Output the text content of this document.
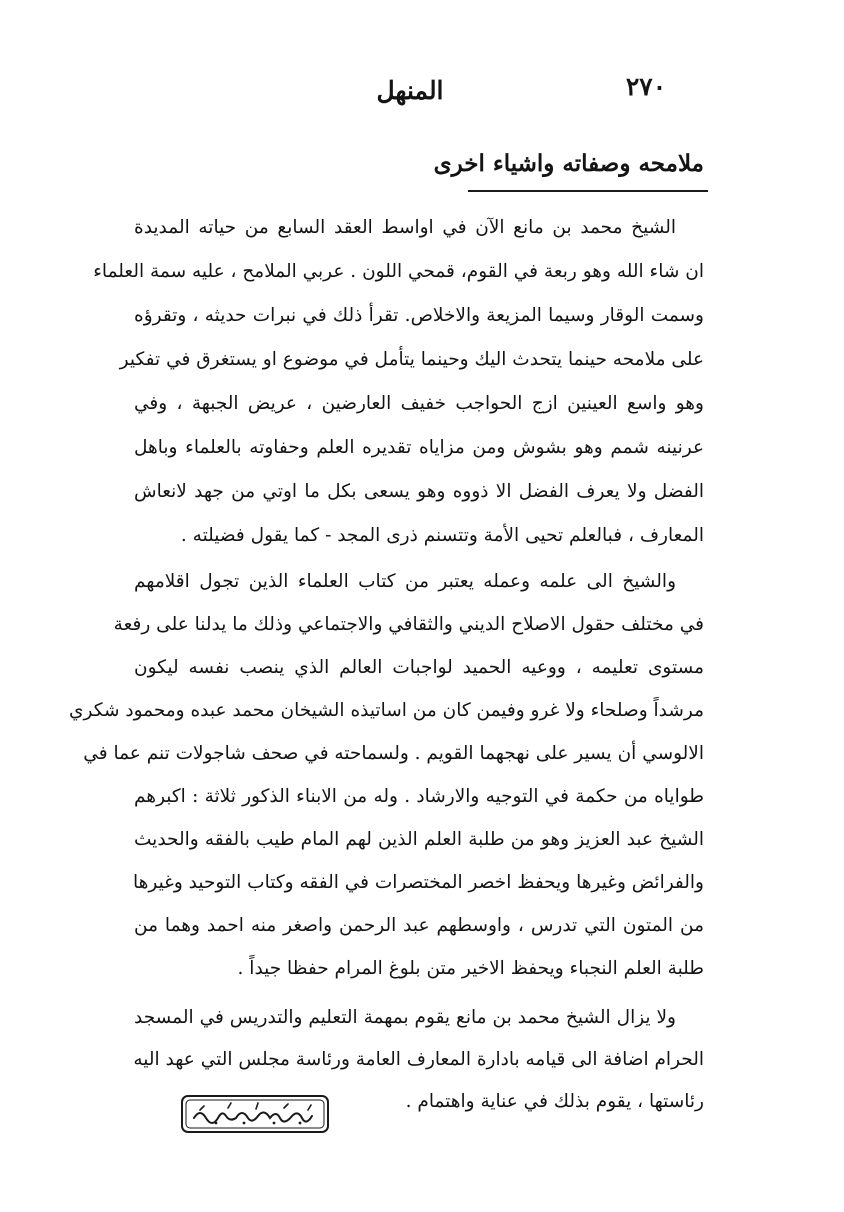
٢٧٠
المنهل
ملامحه وصفاته واشياء اخرى
الشيخ محمد بن مانع الآن في اواسط العقد السابع من حياته المديدة
ان شاء الله وهو ربعة في القوم، قمحي اللون . عربي الملامح ، عليه سمة العلماء
وسمت الوقار وسيما المزيعة والاخلاص. تقرأ ذلك في نبرات حديثه ، وتقرؤه
على ملامحه حينما يتحدث اليك وحينما يتأمل في موضوع او يستغرق في تفكير
وهو واسع العينين ازج الحواجب خفيف العارضين ، عريض الجبهة ، وفي
عرنينه شمم وهو بشوش ومن مزاياه تقديره العلم وحفاوته بالعلماء وباهل
الفضل ولا يعرف الفضل الا ذووه وهو يسعى بكل ما اوتي من جهد لانعاش
المعارف ، فبالعلم تحيى الأمة وتتسنم ذرى المجد - كما يقول فضيلته .
والشيخ الى علمه وعمله يعتبر من كتاب العلماء الذين تجول اقلامهم
في مختلف حقول الاصلاح الديني والثقافي والاجتماعي وذلك ما يدلنا على رفعة
مستوى تعليمه ، ووعيه الحميد لواجبات العالم الذي ينصب نفسه ليكون
مرشداً وصلحاء ولا غرو وفيمن كان من اساتيذه الشيخان محمد عبده ومحمود شكري
الالوسي أن يسير على نهجهما القويم . ولسماحته في صحف شاجولات تنم عما في
طواياه من حكمة في التوجيه والارشاد . وله من الابناء الذكور ثلاثة : اكبرهم
الشيخ عبد العزيز وهو من طلبة العلم الذين لهم المام طيب بالفقه والحديث
والفرائض وغيرها ويحفظ اخصر المختصرات في الفقه وكتاب التوحيد وغيرها
من المتون التي تدرس ، واوسطهم عبد الرحمن واصغر منه احمد وهما من
طلبة العلم النجباء ويحفظ الاخير متن بلوغ المرام حفظا جيداً .
ولا يزال الشيخ محمد بن مانع يقوم بمهمة التعليم والتدريس في المسجد
الحرام اضافة الى قيامه بادارة المعارف العامة ورئاسة مجلس التي عهد اليه
رئاستها ، يقوم بذلك في عناية واهتمام .
